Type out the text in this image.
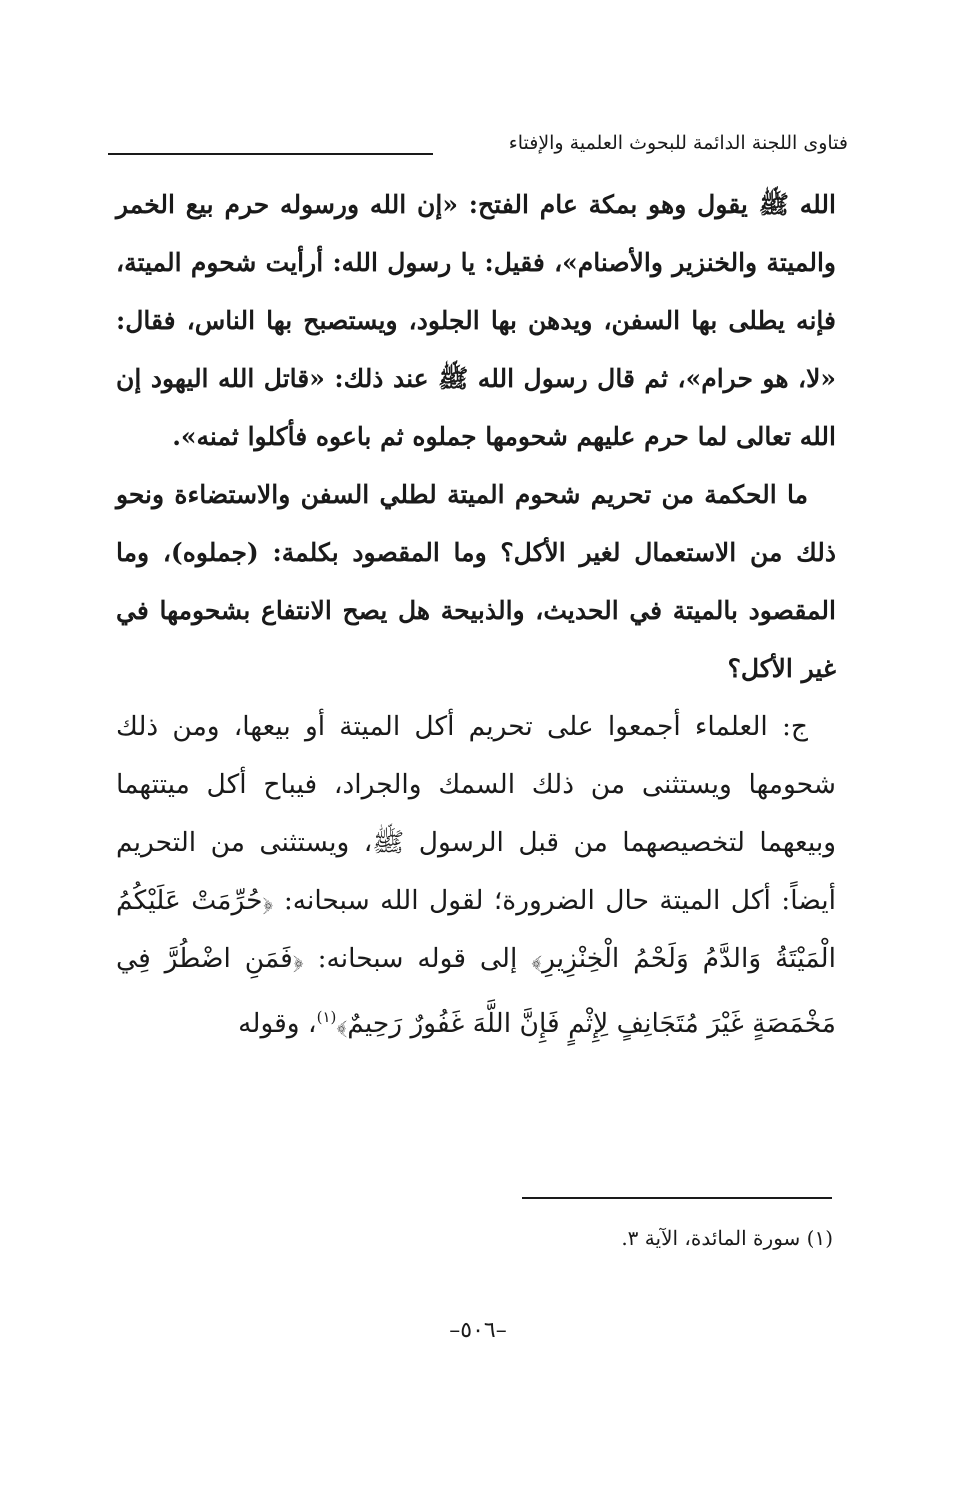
فتاوى اللجنة الدائمة للبحوث العلمية والإفتاء

الله ﷺ يقول وهو بمكة عام الفتح: «إن الله ورسوله حرم بيع الخمر والميتة والخنزير والأصنام»، فقيل: يا رسول الله: أرأيت شحوم الميتة، فإنه يطلى بها السفن، ويدهن بها الجلود، ويستصبح بها الناس، فقال: «لا، هو حرام»، ثم قال رسول الله ﷺ عند ذلك: «قاتل الله اليهود إن الله تعالى لما حرم عليهم شحومها جملوه ثم باعوه فأكلوا ثمنه».

ما الحكمة من تحريم شحوم الميتة لطلي السفن والاستضاءة ونحو ذلك من الاستعمال لغير الأكل؟ وما المقصود بكلمة: (جملوه)، وما المقصود بالميتة في الحديث، والذبيحة هل يصح الانتفاع بشحومها في غير الأكل؟

ج: العلماء أجمعوا على تحريم أكل الميتة أو بيعها، ومن ذلك شحومها ويستثنى من ذلك السمك والجراد، فيباح أكل ميتتهما وبيعهما لتخصيصهما من قبل الرسول ﷺ، ويستثنى من التحريم أيضاً: أكل الميتة حال الضرورة؛ لقول الله سبحانه: ﴿حُرِّمَتْ عَلَيْكُمُ الْمَيْتَةُ وَالدَّمُ وَلَحْمُ الْخِنْزِيرِ﴾ إلى قوله سبحانه: ﴿فَمَنِ اضْطُرَّ فِي مَخْمَصَةٍ غَيْرَ مُتَجَانِفٍ لِإِثْمٍ فَإِنَّ اللَّهَ غَفُورٌ رَحِيمٌ﴾$^{(١)}$، وقوله

(١) سورة المائدة، الآية ٣.
–٥٠٦–
